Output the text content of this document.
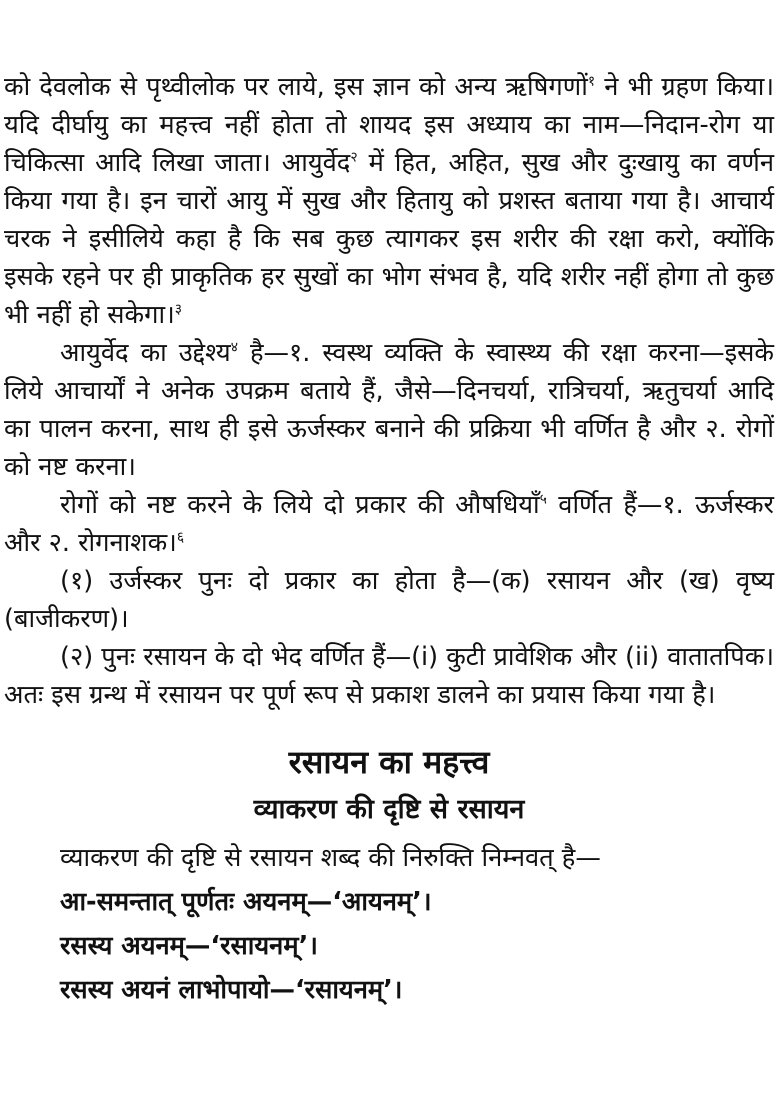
को देवलोक से पृथ्वीलोक पर लाये, इस ज्ञान को अन्य ऋषिगणों$^१$ ने भी ग्रहण किया। यदि दीर्घायु का महत्त्व नहीं होता तो शायद इस अध्याय का नाम—निदान-रोग या चिकित्सा आदि लिखा जाता। आयुर्वेद$^२$ में हित, अहित, सुख और दुःखायु का वर्णन किया गया है। इन चारों आयु में सुख और हितायु को प्रशस्त बताया गया है। आचार्य चरक ने इसीलिये कहा है कि सब कुछ त्यागकर इस शरीर की रक्षा करो, क्योंकि इसके रहने पर ही प्राकृतिक हर सुखों का भोग संभव है, यदि शरीर नहीं होगा तो कुछ भी नहीं हो सकेगा।$^३$

आयुर्वेद का उद्देश्य$^४$ है—१. स्वस्थ व्यक्ति के स्वास्थ्य की रक्षा करना—इसके लिये आचार्यों ने अनेक उपक्रम बताये हैं, जैसे—दिनचर्या, रात्रिचर्या, ऋतुचर्या आदि का पालन करना, साथ ही इसे ऊर्जस्कर बनाने की प्रक्रिया भी वर्णित है और २. रोगों को नष्ट करना।

रोगों को नष्ट करने के लिये दो प्रकार की औषधियाँ$^५$ वर्णित हैं—१. ऊर्जस्कर और २. रोगनाशक।$^६$

(१) उर्जस्कर पुनः दो प्रकार का होता है—(क) रसायन और (ख) वृष्य (बाजीकरण)।

(२) पुनः रसायन के दो भेद वर्णित हैं—(i) कुटी प्रावेशिक और (ii) वातातपिक। अतः इस ग्रन्थ में रसायन पर पूर्ण रूप से प्रकाश डालने का प्रयास किया गया है।

रसायन का महत्त्व
व्याकरण की दृष्टि से रसायन

व्याकरण की दृष्टि से रसायन शब्द की निरुक्ति निम्नवत् है—

आ-समन्तात् पूर्णतः अयनम्—‘आयनम्’।

रसस्य अयनम्—‘रसायनम्’।

रसस्य अयनं लाभोपायो—‘रसायनम्’।
